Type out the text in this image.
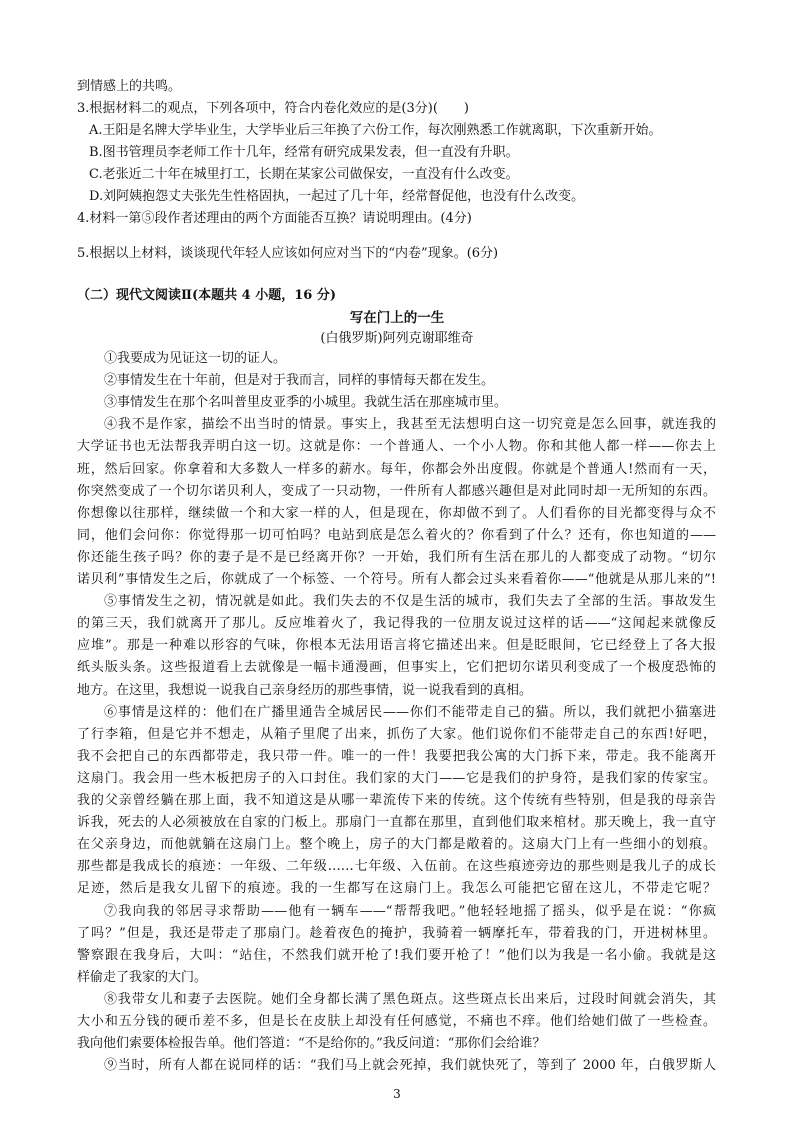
到情感上的共鸣。
3.根据材料二的观点，下列各项中，符合内卷化效应的是(3分)(　　)
A.王阳是名牌大学毕业生，大学毕业后三年换了六份工作，每次刚熟悉工作就离职，下次重新开始。
B.图书管理员李老师工作十几年，经常有研究成果发表，但一直没有升职。
C.老张近二十年在城里打工，长期在某家公司做保安，一直没有什么改变。
D.刘阿姨抱怨丈夫张先生性格固执，一起过了几十年，经常督促他，也没有什么改变。
4.材料一第⑤段作者述理由的两个方面能否互换？请说明理由。(4分)
5.根据以上材料，谈谈现代年轻人应该如何应对当下的“内卷”现象。(6分)
（二）现代文阅读Ⅱ(本题共 4 小题，16 分)
写在门上的一生
(白俄罗斯)阿列克谢耶维奇
①我要成为见证这一切的证人。
②事情发生在十年前，但是对于我而言，同样的事情每天都在发生。
③事情发生在那个名叫普里皮亚季的小城里。我就生活在那座城市里。
④我不是作家，描绘不出当时的情景。事实上，我甚至无法想明白这一切究竟是怎么回事，就连我的
大学证书也无法帮我弄明白这一切。这就是你：一个普通人、一个小人物。你和其他人都一样——你去上
班，然后回家。你拿着和大多数人一样多的薪水。每年，你都会外出度假。你就是个普通人!然而有一天，
你突然变成了一个切尔诺贝利人，变成了一只动物，一件所有人都感兴趣但是对此同时却一无所知的东西。
你想像以往那样，继续做一个和大家一样的人，但是现在，你却做不到了。人们看你的目光都变得与众不
同，他们会问你：你觉得那一切可怕吗？电站到底是怎么着火的？你看到了什么？还有，你也知道的——
你还能生孩子吗？你的妻子是不是已经离开你？一开始，我们所有生活在那儿的人都变成了动物。“切尔
诺贝利”事情发生之后，你就成了一个标签、一个符号。所有人都会过头来看着你——“他就是从那儿来的”!
⑤事情发生之初，情况就是如此。我们失去的不仅是生活的城市，我们失去了全部的生活。事故发生
的第三天，我们就离开了那儿。反应堆着火了，我记得我的一位朋友说过这样的话——“这闻起来就像反
应堆”。那是一种难以形容的气味，你根本无法用语言将它描述出来。但是眨眼间，它已经登上了各大报
纸头版头条。这些报道看上去就像是一幅卡通漫画，但事实上，它们把切尔诺贝利变成了一个极度恐怖的
地方。在这里，我想说一说我自己亲身经历的那些事情，说一说我看到的真相。
⑥事情是这样的：他们在广播里通告全城居民——你们不能带走自己的猫。所以，我们就把小猫塞进
了行李箱，但是它并不想走，从箱子里爬了出来，抓伤了大家。他们说你们不能带走自己的东西!好吧，
我不会把自己的东西都带走，我只带一件。唯一的一件！我要把我公寓的大门拆下来，带走。我不能离开
这扇门。我会用一些木板把房子的入口封住。我们家的大门——它是我们的护身符，是我们家的传家宝。
我的父亲曾经躺在那上面，我不知道这是从哪一辈流传下来的传统。这个传统有些特别，但是我的母亲告
诉我，死去的人必须被放在自家的门板上。那扇门一直都在那里，直到他们取来棺材。那天晚上，我一直守
在父亲身边，而他就躺在这扇门上。整个晚上，房子的大门都是敞着的。这扇大门上有一些细小的划痕。
那些都是我成长的痕迹：一年级、二年级……七年级、入伍前。在这些痕迹旁边的那些则是我儿子的成长
足迹，然后是我女儿留下的痕迹。我的一生都写在这扇门上。我怎么可能把它留在这儿，不带走它呢？
⑦我向我的邻居寻求帮助——他有一辆车——“帮帮我吧。”他轻轻地摇了摇头，似乎是在说：“你疯
了吗？”但是，我还是带走了那扇门。趁着夜色的掩护，我骑着一辆摩托车，带着我的门，开进树林里。
警察跟在我身后，大叫：“站住，不然我们就开枪了!我们要开枪了！”他们以为我是一名小偷。我就是这
样偷走了我家的大门。
⑧我带女儿和妻子去医院。她们全身都长满了黑色斑点。这些斑点长出来后，过段时间就会消失，其
大小和五分钱的硬币差不多，但是长在皮肤上却没有任何感觉，不痛也不痒。他们给她们做了一些检查。
我向他们索要体检报告单。他们答道：“不是给你的。”我反问道：“那你们会给谁？
⑨当时，所有人都在说同样的话：“我们马上就会死掉，我们就快死了，等到了 2000 年，白俄罗斯人
3
